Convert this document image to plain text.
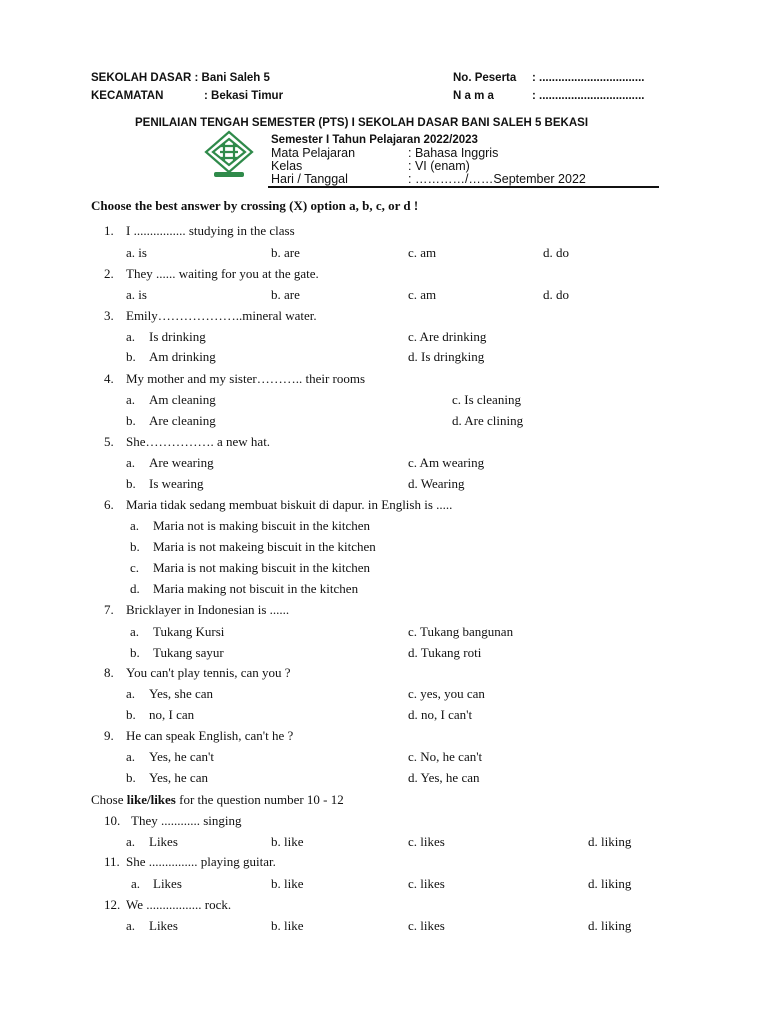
SEKOLAH DASAR : Bani Saleh 5
KECAMATAN	: Bekasi Timur
No. Peserta : .................................
N a m a	: .................................
PENILAIAN TENGAH SEMESTER (PTS) I SEKOLAH DASAR BANI SALEH 5 BEKASI
Semester I Tahun Pelajaran 2022/2023
Mata Pelajaran	: Bahasa Inggris
Kelas	: VI (enam)
Hari / Tanggal	: …………/……September 2022
Choose the best answer by crossing (X) option a, b, c, or d !
1. I ................ studying in the class
a. is	b. are	c. am	d. do
2. They ...... waiting for you at the gate.
a. is	b. are	c. am	d. do
3. Emily………………..mineral water.
a. Is drinking	c. Are drinking
b. Am drinking	d. Is dringking
4. My mother and my sister……….. their rooms
a. Am cleaning	c. Is cleaning
b. Are cleaning	d. Are clining
5. She……………. a new hat.
a. Are wearing	c. Am wearing
b. Is wearing	d. Wearing
6. Maria tidak sedang membuat biskuit di dapur. in English is .....
a. Maria not is making biscuit in the kitchen
b. Maria is not makeing biscuit in the kitchen
c. Maria is not making biscuit in the kitchen
d. Maria making not biscuit in the kitchen
7. Bricklayer in Indonesian is ......
a. Tukang Kursi	c. Tukang bangunan
b. Tukang sayur	d. Tukang roti
8. You can't play tennis, can you ?
a. Yes, she can	c. yes, you can
b. no, I can	d. no, I can't
9. He can speak English, can't he ?
a. Yes, he can't	c. No, he can't
b. Yes, he can	d. Yes, he can
Chose like/likes for the question number 10 - 12
10. They ............ singing
a. Likes	b. like	c. likes	d. liking
11. She ............... playing guitar.
a. Likes	b. like	c. likes	d. liking
12. We ................. rock.
a. Likes	b. like	c. likes	d. liking
